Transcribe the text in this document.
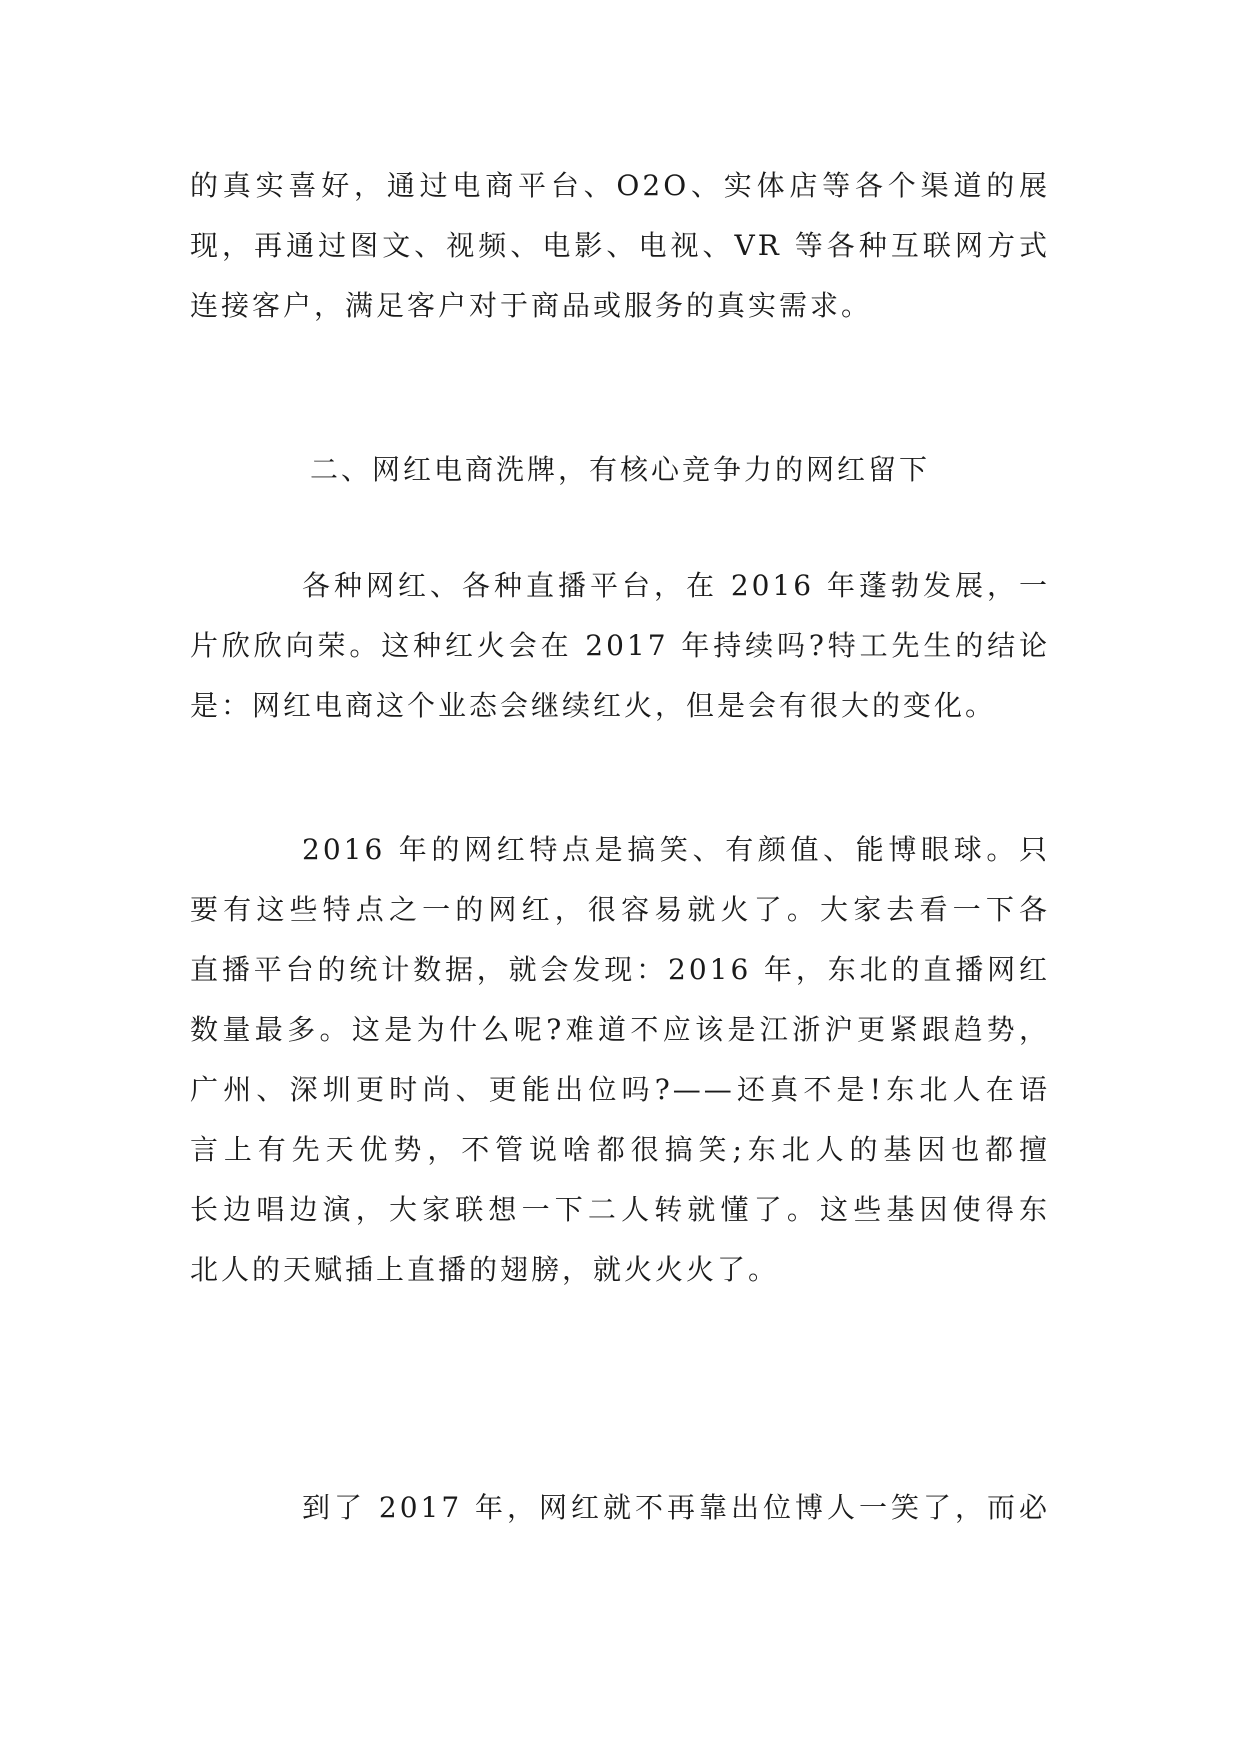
的真实喜好，通过电商平台、O2O、实体店等各个渠道的展
现，再通过图文、视频、电影、电视、VR 等各种互联网方式
连接客户，满足客户对于商品或服务的真实需求。
二、网红电商洗牌，有核心竞争力的网红留下
各种网红、各种直播平台，在 2016 年蓬勃发展，一
片欣欣向荣。这种红火会在 2017 年持续吗?特工先生的结论
是：网红电商这个业态会继续红火，但是会有很大的变化。
2016 年的网红特点是搞笑、有颜值、能博眼球。只
要有这些特点之一的网红，很容易就火了。大家去看一下各
直播平台的统计数据，就会发现：2016 年，东北的直播网红
数量最多。这是为什么呢?难道不应该是江浙沪更紧跟趋势，
广州、深圳更时尚、更能出位吗?——还真不是!东北人在语
言上有先天优势，不管说啥都很搞笑;东北人的基因也都擅
长边唱边演，大家联想一下二人转就懂了。这些基因使得东
北人的天赋插上直播的翅膀，就火火火了。
到了 2017 年，网红就不再靠出位博人一笑了，而必
